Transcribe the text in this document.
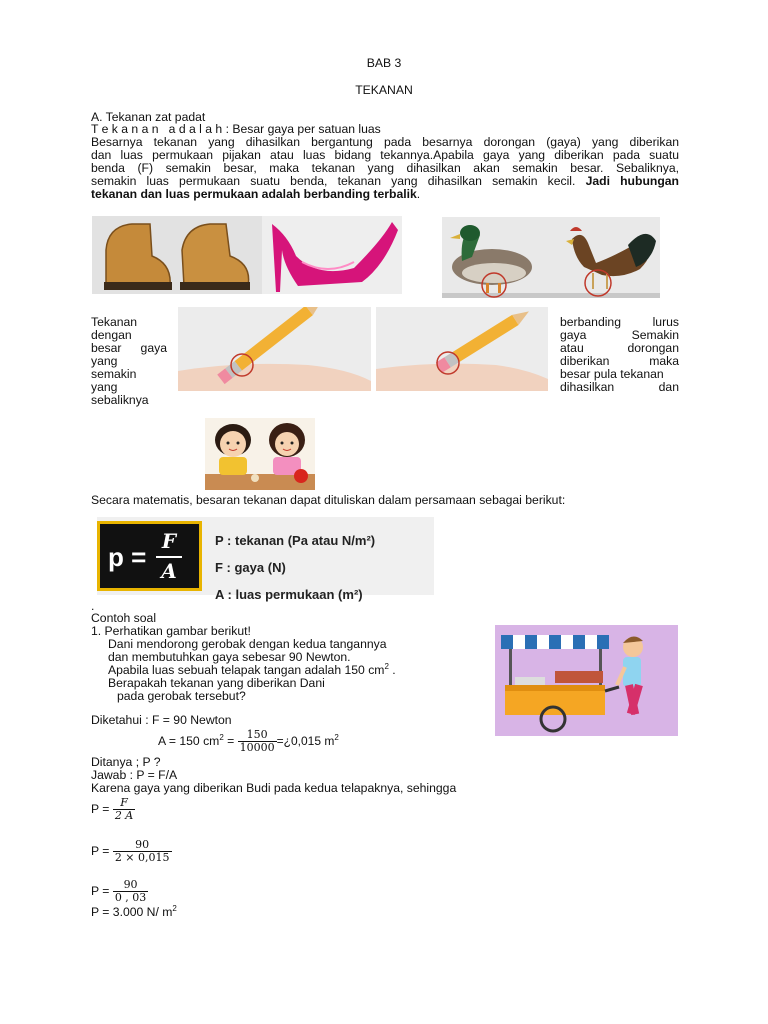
BAB 3
TEKANAN
A. Tekanan zat padat
T e k a n a n   a d a l a h : Besar gaya per satuan luas
Besarnya tekanan yang dihasilkan bergantung pada besarnya dorongan (gaya) yang diberikan
dan luas permukaan pijakan atau luas bidang tekannya.Apabila gaya yang diberikan pada suatu
benda (F) semakin besar, maka tekanan yang dihasilkan akan semakin besar. Sebaliknya,
semakin luas permukaan suatu benda, tekanan yang dihasilkan semakin kecil. Jadi hubungan
tekanan dan luas permukaan adalah berbanding terbalik.
Tekanan
dengan
besar gaya
yang
semakin
yang
sebaliknya
berbanding	lurus
gaya	Semakin
atau	dorongan
diberikan	maka
besar pula tekanan
dihasilkan	dan
Secara matematis, besaran tekanan dapat dituliskan dalam persamaan sebagai berikut:
p =
F
A
P : tekanan (Pa atau N/m²)
F : gaya (N)
A : luas permukaan (m²)
.
Contoh soal
1. Perhatikan gambar berikut!
Dani mendorong gerobak dengan kedua tangannya
dan membutuhkan gaya sebesar 90 Newton.
Apabila luas sebuah telapak tangan adalah 150 $cm^2$ .
Berapakah tekanan yang diberikan Dani
pada gerobak tersebut?
Diketahui : F = 90 Newton
A = 150 $cm^2 = \frac{150}{10000}$ =¿0,015 $m^2$
Ditanya ; P ?
Jawab : P = F/A
Karena gaya yang diberikan Budi pada kedua telapaknya, sehingga
$P = \frac{F}{2 A}$
$P = \frac{90}{2 \times 0,015}$
$P = \frac{90}{0 , 03}$
P = 3.000 N/ $m^2$
